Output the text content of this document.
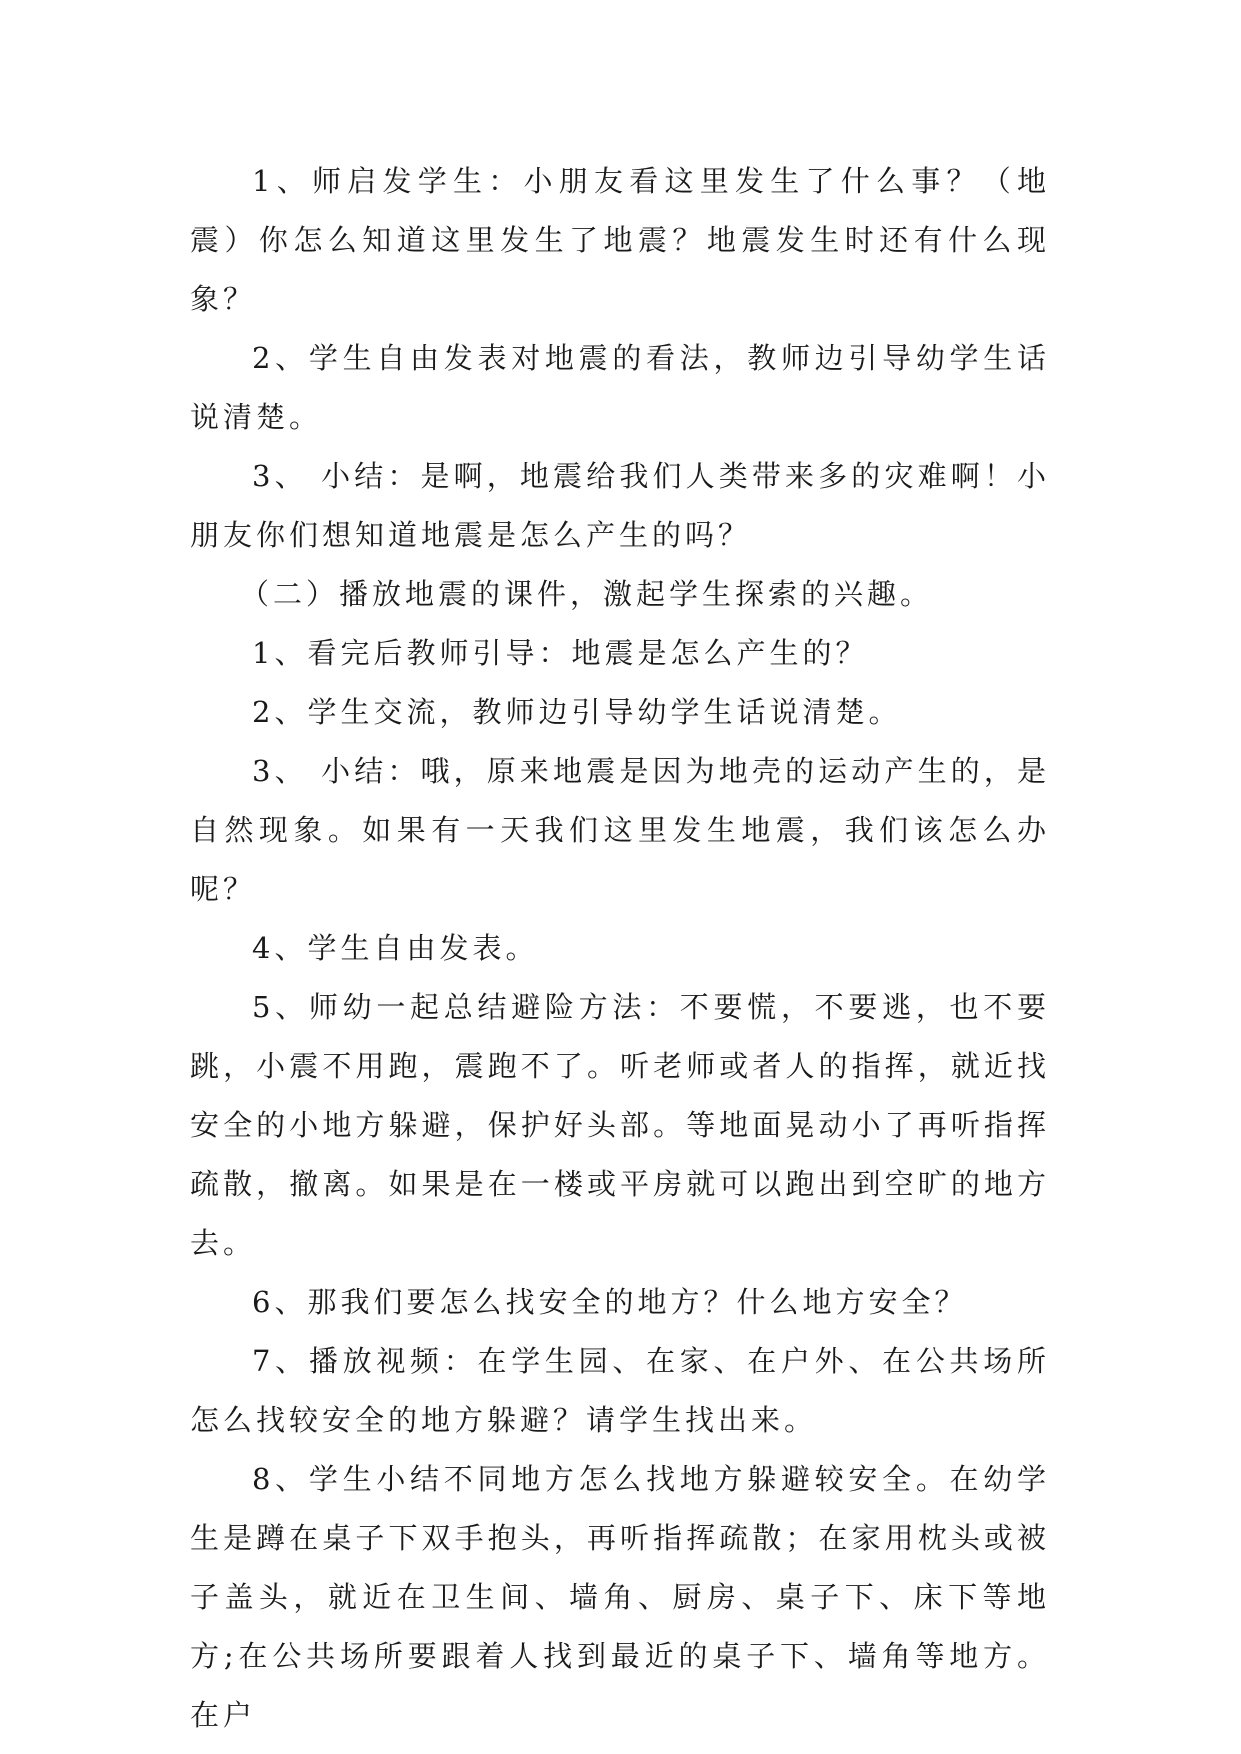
1、师启发学生：小朋友看这里发生了什么事？（地震）你怎么知道这里发生了地震？地震发生时还有什么现象？

2、学生自由发表对地震的看法，教师边引导幼学生话说清楚。

3、 小结：是啊，地震给我们人类带来多的灾难啊！小朋友你们想知道地震是怎么产生的吗？

（二）播放地震的课件，激起学生探索的兴趣。

1、看完后教师引导：地震是怎么产生的？

2、学生交流，教师边引导幼学生话说清楚。

3、 小结：哦，原来地震是因为地壳的运动产生的，是自然现象。如果有一天我们这里发生地震，我们该怎么办呢？

4、学生自由发表。

5、师幼一起总结避险方法：不要慌，不要逃，也不要跳，小震不用跑，震跑不了。听老师或者人的指挥，就近找安全的小地方躲避，保护好头部。等地面晃动小了再听指挥疏散，撤离。如果是在一楼或平房就可以跑出到空旷的地方去。

6、那我们要怎么找安全的地方？什么地方安全？

7、播放视频：在学生园、在家、在户外、在公共场所怎么找较安全的地方躲避？请学生找出来。

8、学生小结不同地方怎么找地方躲避较安全。在幼学生是蹲在桌子下双手抱头，再听指挥疏散；在家用枕头或被子盖头，就近在卫生间、墙角、厨房、桌子下、床下等地方;在公共场所要跟着人找到最近的桌子下、墙角等地方。在户
